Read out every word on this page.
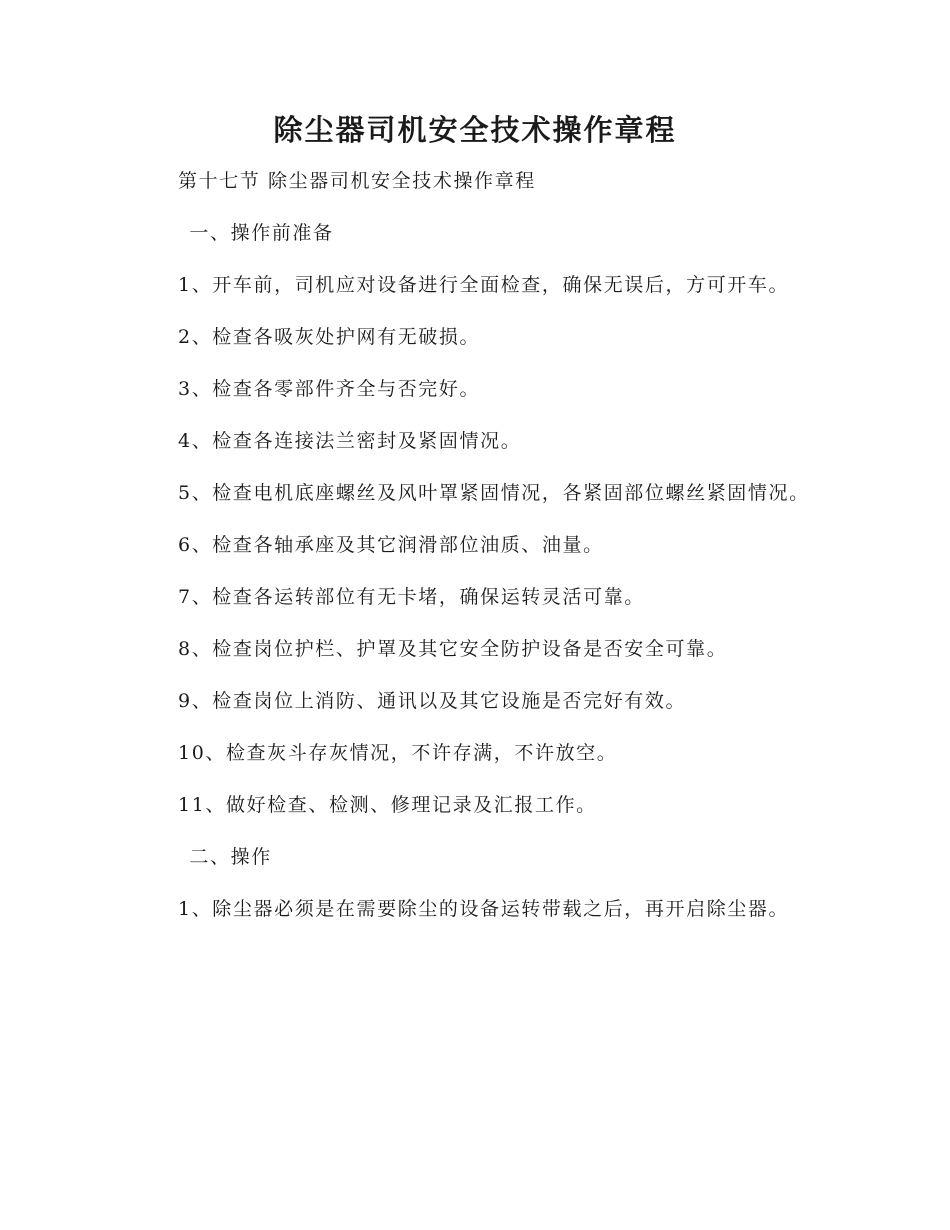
除尘器司机安全技术操作章程

第十七节 除尘器司机安全技术操作章程

一、操作前准备

1、开车前，司机应对设备进行全面检查，确保无误后，方可开车。

2、检查各吸灰处护网有无破损。

3、检查各零部件齐全与否完好。

4、检查各连接法兰密封及紧固情况。

5、检查电机底座螺丝及风叶罩紧固情况，各紧固部位螺丝紧固情况。

6、检查各轴承座及其它润滑部位油质、油量。

7、检查各运转部位有无卡堵，确保运转灵活可靠。

8、检查岗位护栏、护罩及其它安全防护设备是否安全可靠。

9、检查岗位上消防、通讯以及其它设施是否完好有效。

10、检查灰斗存灰情况，不许存满，不许放空。

11、做好检查、检测、修理记录及汇报工作。

二、操作

1、除尘器必须是在需要除尘的设备运转带载之后，再开启除尘器。
